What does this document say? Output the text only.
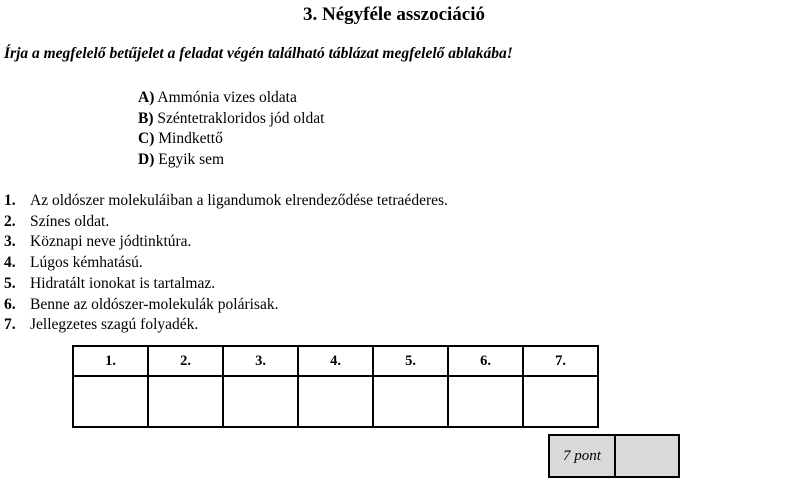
3. Négyféle asszociáció
Írja a megfelelő betűjelet a feladat végén található táblázat megfelelő ablakába!
A) Ammónia vizes oldata
B) Széntetrakloridos jód oldat
C) Mindkettő
D) Egyik sem
1. Az oldószer molekuláiban a ligandumok elrendeződése tetraéderes.
2. Színes oldat.
3. Köznapi neve jódtinktúra.
4. Lúgos kémhatású.
5. Hidratált ionokat is tartalmaz.
6. Benne az oldószer-molekulák polárisak.
7. Jellegzetes szagú folyadék.
1.	2.	3.	4.	5.	6.	7.

7 pont
